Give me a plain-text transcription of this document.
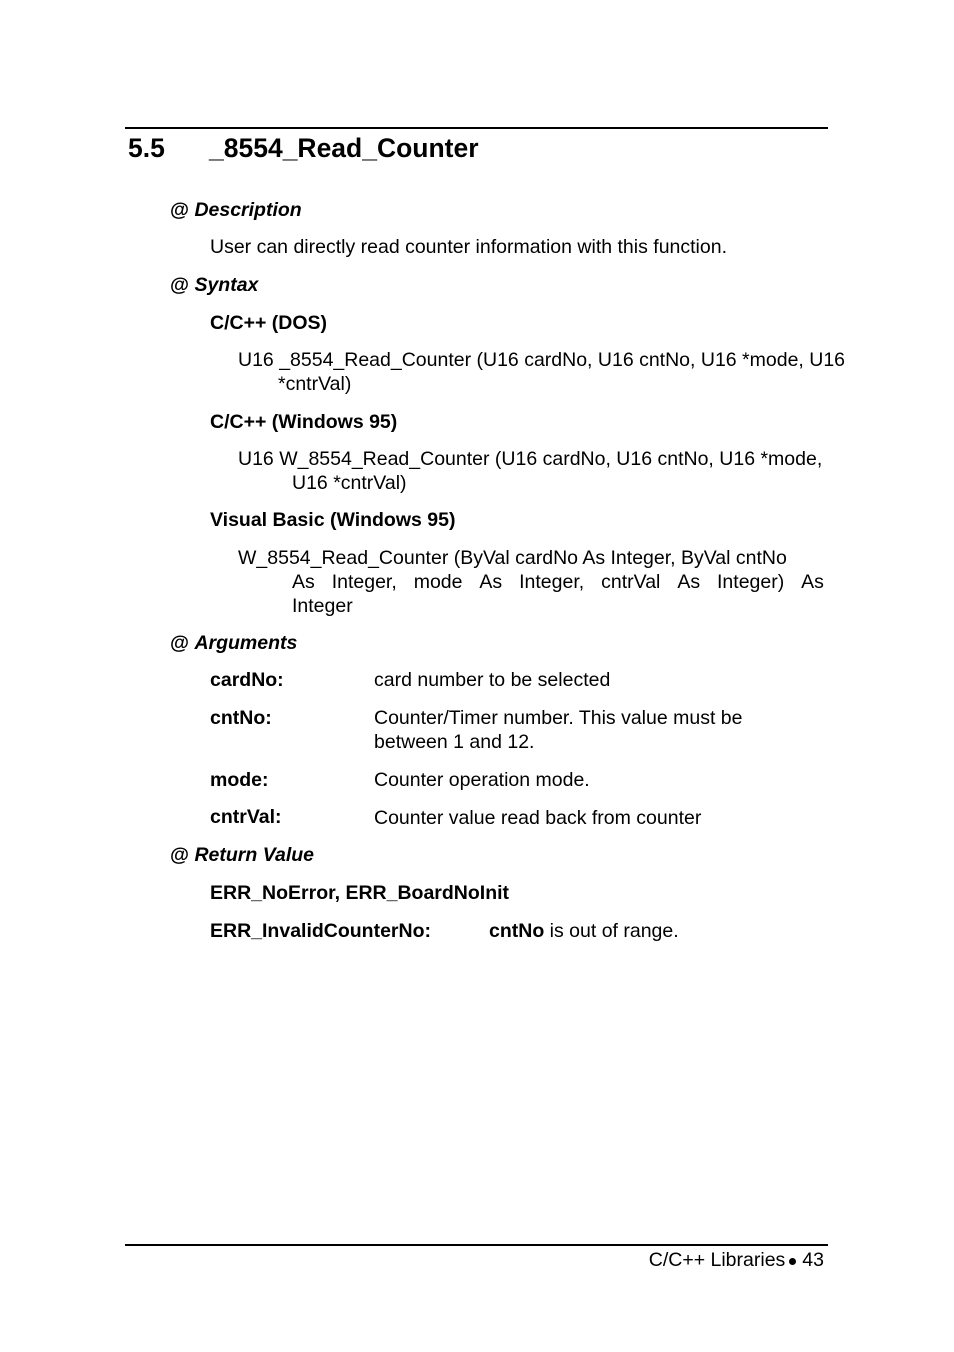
5.5 _8554_Read_Counter
@ Description
User can directly read counter information with this function.
@ Syntax
C/C++ (DOS)
U16 _8554_Read_Counter (U16 cardNo, U16 cntNo, U16 *mode, U16
*cntrVal)
C/C++ (Windows 95)
U16 W_8554_Read_Counter (U16 cardNo, U16 cntNo, U16 *mode,
U16 *cntrVal)
Visual Basic (Windows 95)
W_8554_Read_Counter (ByVal cardNo As Integer, ByVal cntNo
As Integer, mode As Integer, cntrVal As Integer) As
Integer
@ Arguments
cardNo:	card number to be selected
cntNo:	Counter/Timer number. This value must be
between 1 and 12.
mode:	Counter operation mode.
cntrVal:	Counter value read back from counter
@ Return Value
ERR_NoError, ERR_BoardNoInit
ERR_InvalidCounterNo:	cntNo is out of range.
C/C++ Libraries 43
